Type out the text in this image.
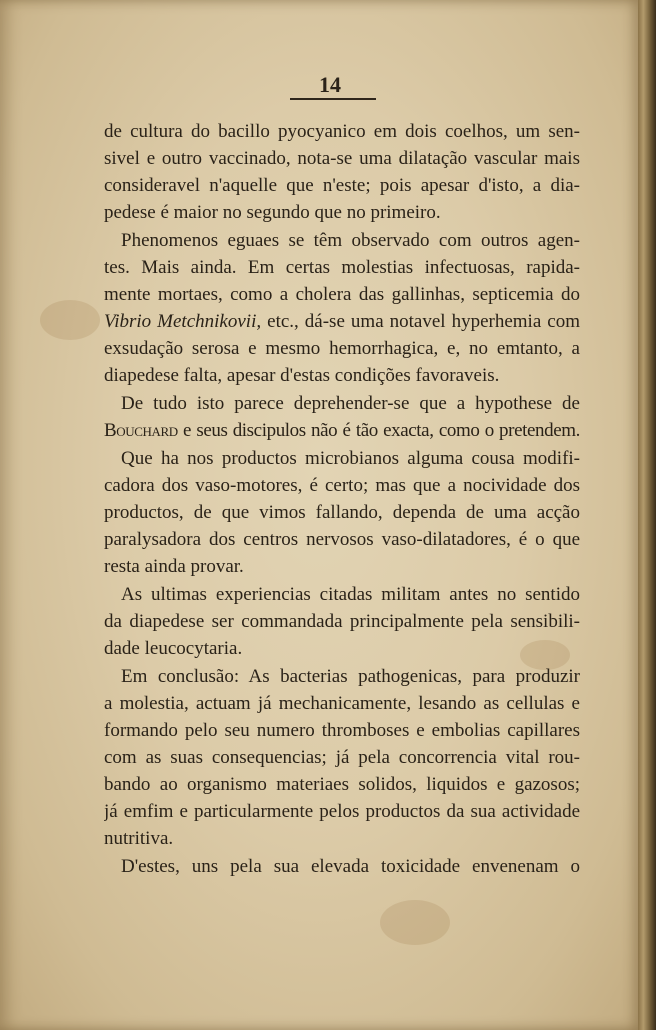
14
de cultura do bacillo pyocyanico em dois coelhos, um sen-
sivel e outro vaccinado, nota-se uma dilatação vascular mais
consideravel n'aquelle que n'este; pois apesar d'isto, a dia-
pedese é maior no segundo que no primeiro.
Phenomenos eguaes se têm observado com outros agen-
tes. Mais ainda. Em certas molestias infectuosas, rapida-
mente mortaes, como a cholera das gallinhas, septicemia do
Vibrio Metchnikovii, etc., dá-se uma notavel hyperhemia com
exsudação serosa e mesmo hemorrhagica, e, no emtanto, a
diapedese falta, apesar d'estas condições favoraveis.
De tudo isto parece deprehender-se que a hypothese de
Bouchard e seus discipulos não é tão exacta, como o pretendem.
Que ha nos productos microbianos alguma cousa modifi-
cadora dos vaso-motores, é certo; mas que a nocividade dos
productos, de que vimos fallando, dependa de uma acção
paralysadora dos centros nervosos vaso-dilatadores, é o que
resta ainda provar.
As ultimas experiencias citadas militam antes no sentido
da diapedese ser commandada principalmente pela sensibili-
dade leucocytaria.
Em conclusão: As bacterias pathogenicas, para produzir
a molestia, actuam já mechanicamente, lesando as cellulas e
formando pelo seu numero thromboses e embolias capillares
com as suas consequencias; já pela concorrencia vital rou-
bando ao organismo materiaes solidos, liquidos e gazosos;
já emfim e particularmente pelos productos da sua actividade
nutritiva.
D'estes, uns pela sua elevada toxicidade envenenam o
